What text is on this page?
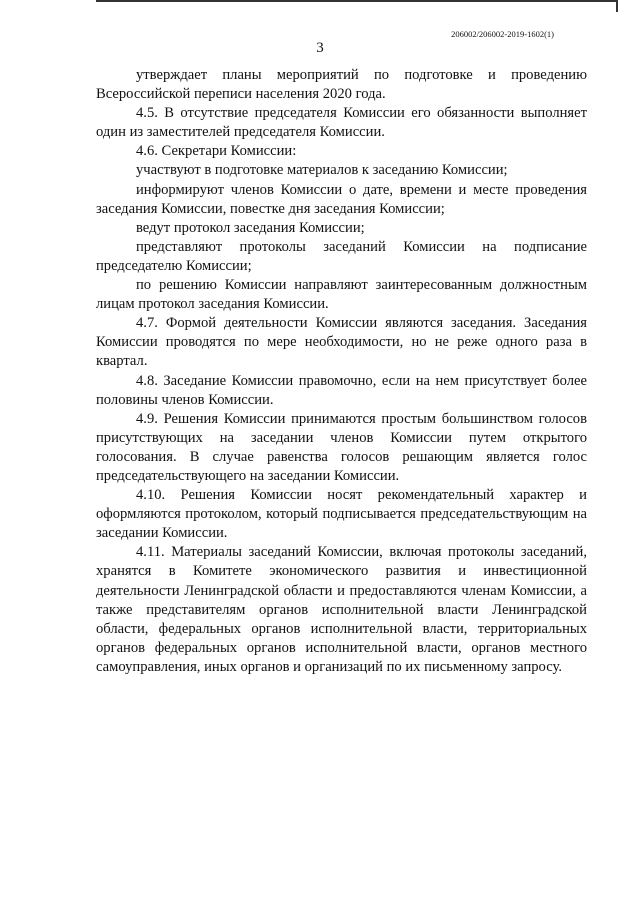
206002/206002-2019-1602(1)
3

утверждает планы мероприятий по подготовке и проведению Всероссийской переписи населения 2020 года.

4.5. В отсутствие председателя Комиссии его обязанности выполняет один из заместителей председателя Комиссии.

4.6. Секретари Комиссии:

участвуют в подготовке материалов к заседанию Комиссии;

информируют членов Комиссии о дате, времени и месте проведения заседания Комиссии, повестке дня заседания Комиссии;

ведут протокол заседания Комиссии;

представляют протоколы заседаний Комиссии на подписание председателю Комиссии;

по решению Комиссии направляют заинтересованным должностным лицам протокол заседания Комиссии.

4.7. Формой деятельности Комиссии являются заседания. Заседания Комиссии проводятся по мере необходимости, но не реже одного раза в квартал.

4.8. Заседание Комиссии правомочно, если на нем присутствует более половины членов Комиссии.

4.9. Решения Комиссии принимаются простым большинством голосов присутствующих на заседании членов Комиссии путем открытого голосования. В случае равенства голосов решающим является голос председательствующего на заседании Комиссии.

4.10. Решения Комиссии носят рекомендательный характер и оформляются протоколом, который подписывается председательствующим на заседании Комиссии.

4.11. Материалы заседаний Комиссии, включая протоколы заседаний, хранятся в Комитете экономического развития и инвестиционной деятельности Ленинградской области и предоставляются членам Комиссии, а также представителям органов исполнительной власти Ленинградской области, федеральных органов исполнительной власти, территориальных органов федеральных органов исполнительной власти, органов местного самоуправления, иных органов и организаций по их письменному запросу.
